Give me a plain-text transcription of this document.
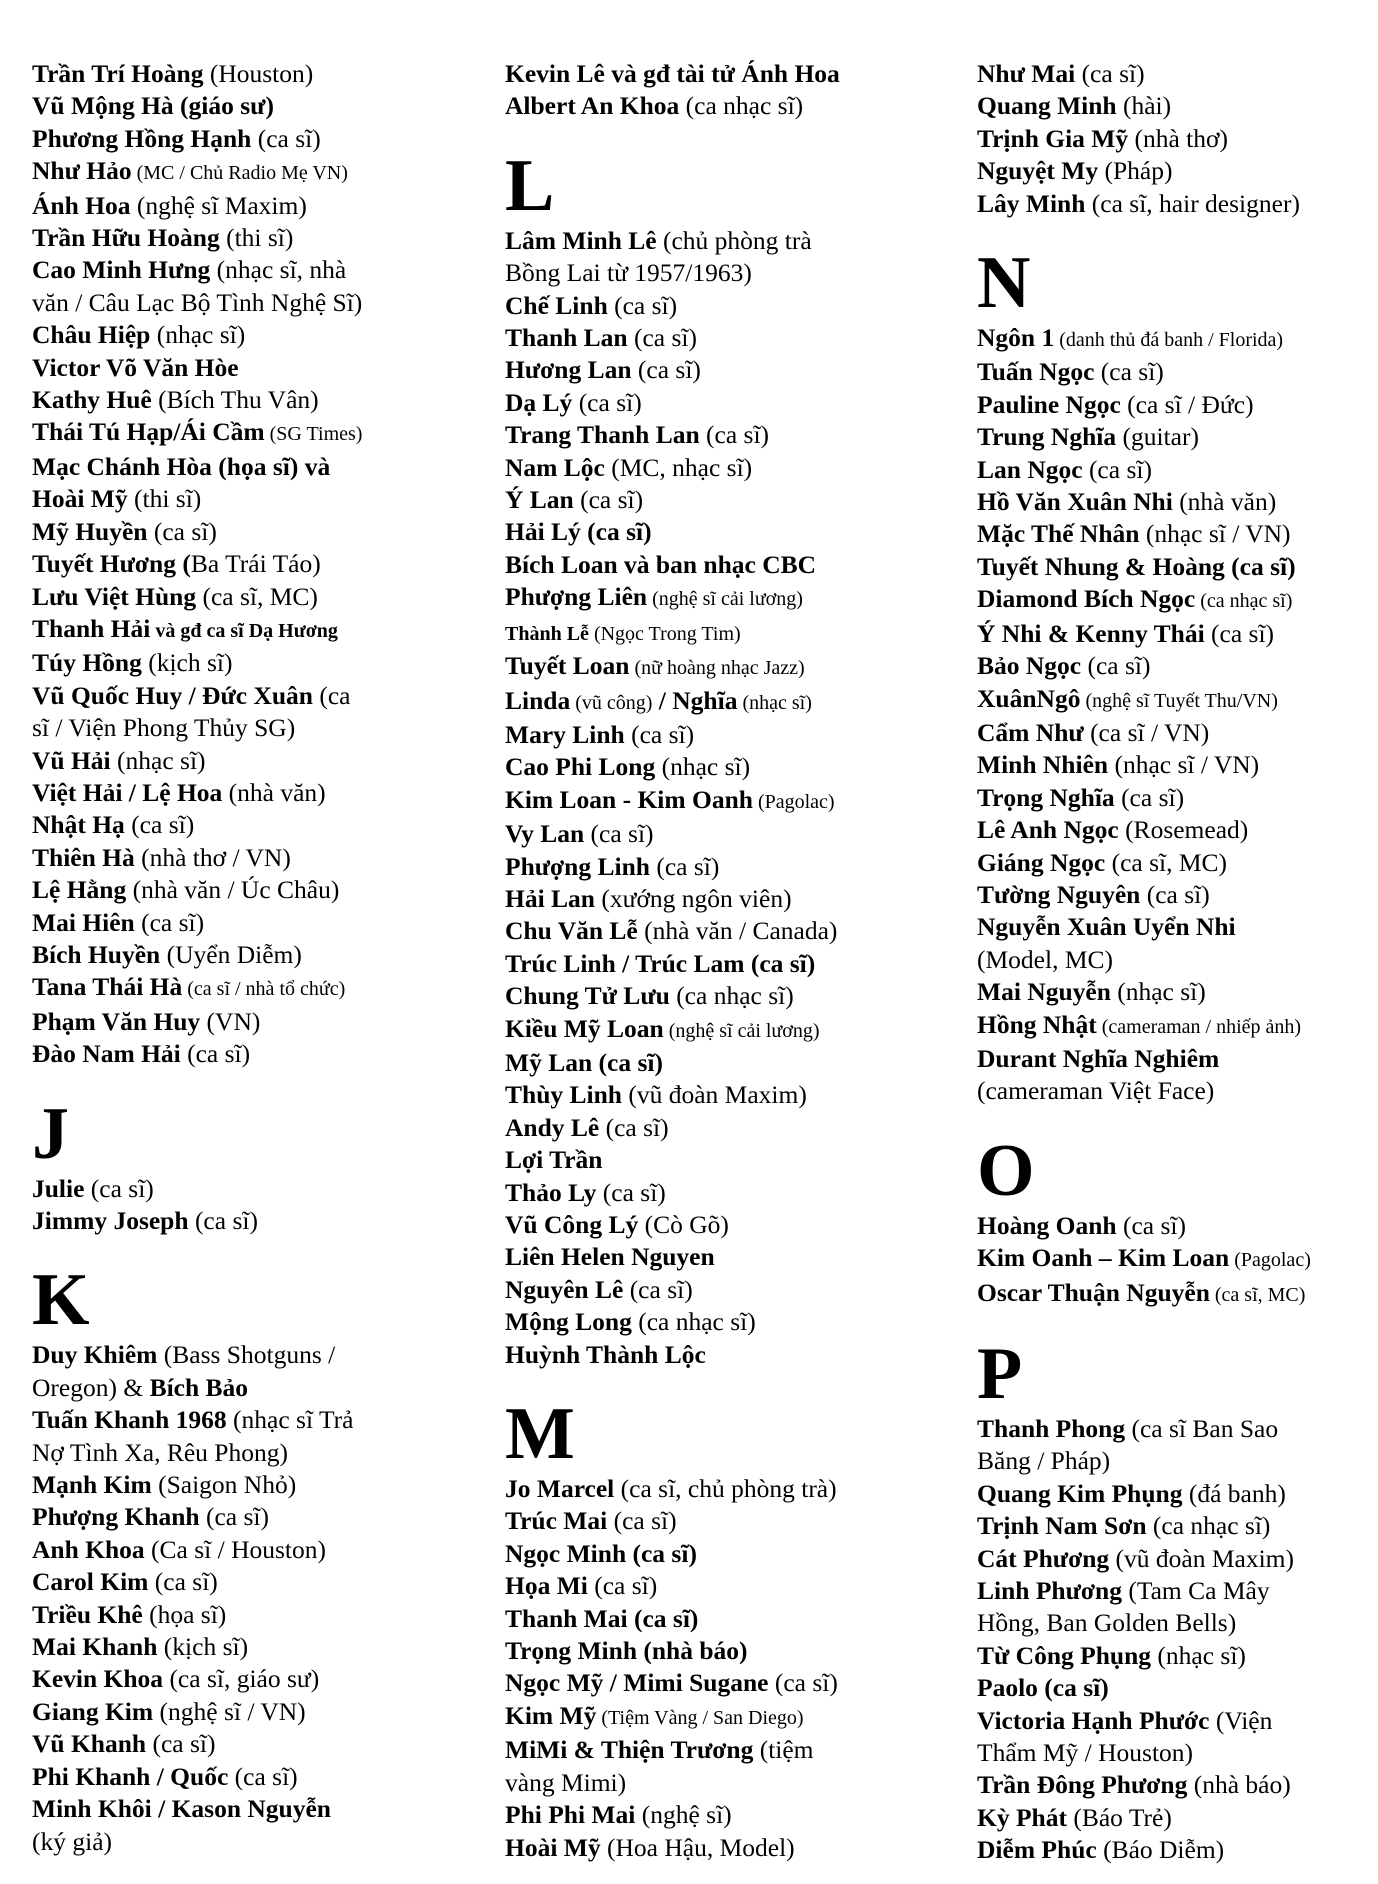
Trần Trí Hoàng (Houston)
Vũ Mộng Hà (giáo sư)
Phương Hồng Hạnh (ca sĩ)
Như Hảo (MC / Chủ Radio Mẹ VN)
Ánh Hoa (nghệ sĩ Maxim)
Trần Hữu Hoàng (thi sĩ)
Cao Minh Hưng (nhạc sĩ, nhà
văn / Câu Lạc Bộ Tình Nghệ Sĩ)
Châu Hiệp (nhạc sĩ)
Victor Võ Văn Hòe
Kathy Huê (Bích Thu Vân)
Thái Tú Hạp/Ái Cầm (SG Times)
Mạc Chánh Hòa (họa sĩ) và
Hoài Mỹ (thi sĩ)
Mỹ Huyền (ca sĩ)
Tuyết Hương (Ba Trái Táo)
Lưu Việt Hùng (ca sĩ, MC)
Thanh Hải và gđ ca sĩ Dạ Hương
Túy Hồng (kịch sĩ)
Vũ Quốc Huy / Đức Xuân (ca
sĩ / Viện Phong Thủy SG)
Vũ Hải (nhạc sĩ)
Việt Hải / Lệ Hoa (nhà văn)
Nhật Hạ (ca sĩ)
Thiên Hà (nhà thơ / VN)
Lệ Hằng (nhà văn / Úc Châu)
Mai Hiên (ca sĩ)
Bích Huyền (Uyển Diễm)
Tana Thái Hà (ca sĩ / nhà tổ chức)
Phạm Văn Huy (VN)
Đào Nam Hải (ca sĩ)
J
Julie (ca sĩ)
Jimmy Joseph (ca sĩ)
K
Duy Khiêm (Bass Shotguns /
Oregon) & Bích Bảo
Tuấn Khanh 1968 (nhạc sĩ Trả
Nợ Tình Xa, Rêu Phong)
Mạnh Kim (Saigon Nhỏ)
Phượng Khanh (ca sĩ)
Anh Khoa (Ca sĩ / Houston)
Carol Kim (ca sĩ)
Triều Khê (họa sĩ)
Mai Khanh (kịch sĩ)
Kevin Khoa (ca sĩ, giáo sư)
Giang Kim (nghệ sĩ / VN)
Vũ Khanh (ca sĩ)
Phi Khanh / Quốc (ca sĩ)
Minh Khôi / Kason Nguyễn
(ký giả)
Kevin Lê và gđ tài tử Ánh Hoa
Albert An Khoa (ca nhạc sĩ)
L
Lâm Minh Lê (chủ phòng trà
Bồng Lai từ 1957/1963)
Chế Linh (ca sĩ)
Thanh Lan (ca sĩ)
Hương Lan (ca sĩ)
Dạ Lý (ca sĩ)
Trang Thanh Lan (ca sĩ)
Nam Lộc (MC, nhạc sĩ)
Ý Lan (ca sĩ)
Hải Lý (ca sĩ)
Bích Loan và ban nhạc CBC
Phượng Liên (nghệ sĩ cải lương)
Thành Lễ (Ngọc Trong Tim)
Tuyết Loan (nữ hoàng nhạc Jazz)
Linda (vũ công) / Nghĩa (nhạc sĩ)
Mary Linh (ca sĩ)
Cao Phi Long (nhạc sĩ)
Kim Loan - Kim Oanh (Pagolac)
Vy Lan (ca sĩ)
Phượng Linh (ca sĩ)
Hải Lan (xướng ngôn viên)
Chu Văn Lễ (nhà văn / Canada)
Trúc Linh / Trúc Lam (ca sĩ)
Chung Tử Lưu (ca nhạc sĩ)
Kiều Mỹ Loan (nghệ sĩ cải lương)
Mỹ Lan (ca sĩ)
Thùy Linh (vũ đoàn Maxim)
Andy Lê (ca sĩ)
Lợi Trần
Thảo Ly (ca sĩ)
Vũ Công Lý (Cò Gõ)
Liên Helen Nguyen
Nguyên Lê (ca sĩ)
Mộng Long (ca nhạc sĩ)
Huỳnh Thành Lộc
M
Jo Marcel (ca sĩ, chủ phòng trà)
Trúc Mai (ca sĩ)
Ngọc Minh (ca sĩ)
Họa Mi (ca sĩ)
Thanh Mai (ca sĩ)
Trọng Minh (nhà báo)
Ngọc Mỹ / Mimi Sugane (ca sĩ)
Kim Mỹ (Tiệm Vàng / San Diego)
MiMi & Thiện Trương (tiệm
vàng Mimi)
Phi Phi Mai (nghệ sĩ)
Hoài Mỹ (Hoa Hậu, Model)
Như Mai (ca sĩ)
Quang Minh (hài)
Trịnh Gia Mỹ (nhà thơ)
Nguyệt My (Pháp)
Lây Minh (ca sĩ, hair designer)
N
Ngôn 1 (danh thủ đá banh / Florida)
Tuấn Ngọc (ca sĩ)
Pauline Ngọc (ca sĩ / Đức)
Trung Nghĩa (guitar)
Lan Ngọc (ca sĩ)
Hồ Văn Xuân Nhi (nhà văn)
Mặc Thế Nhân (nhạc sĩ / VN)
Tuyết Nhung & Hoàng (ca sĩ)
Diamond Bích Ngọc (ca nhạc sĩ)
Ý Nhi & Kenny Thái (ca sĩ)
Bảo Ngọc (ca sĩ)
XuânNgô (nghệ sĩ Tuyết Thu/VN)
Cẩm Như (ca sĩ / VN)
Minh Nhiên (nhạc sĩ / VN)
Trọng Nghĩa (ca sĩ)
Lê Anh Ngọc (Rosemead)
Giáng Ngọc (ca sĩ, MC)
Tường Nguyên (ca sĩ)
Nguyễn Xuân Uyển Nhi
(Model, MC)
Mai Nguyễn (nhạc sĩ)
Hồng Nhật (cameraman / nhiếp ảnh)
Durant Nghĩa Nghiêm
(cameraman Việt Face)
O
Hoàng Oanh (ca sĩ)
Kim Oanh – Kim Loan (Pagolac)
Oscar Thuận Nguyễn (ca sĩ, MC)
P
Thanh Phong (ca sĩ Ban Sao
Băng / Pháp)
Quang Kim Phụng (đá banh)
Trịnh Nam Sơn (ca nhạc sĩ)
Cát Phương (vũ đoàn Maxim)
Linh Phương (Tam Ca Mây
Hồng, Ban Golden Bells)
Từ Công Phụng (nhạc sĩ)
Paolo (ca sĩ)
Victoria Hạnh Phước (Viện
Thẩm Mỹ / Houston)
Trần Đông Phương (nhà báo)
Kỳ Phát (Báo Trẻ)
Diễm Phúc (Báo Diễm)
